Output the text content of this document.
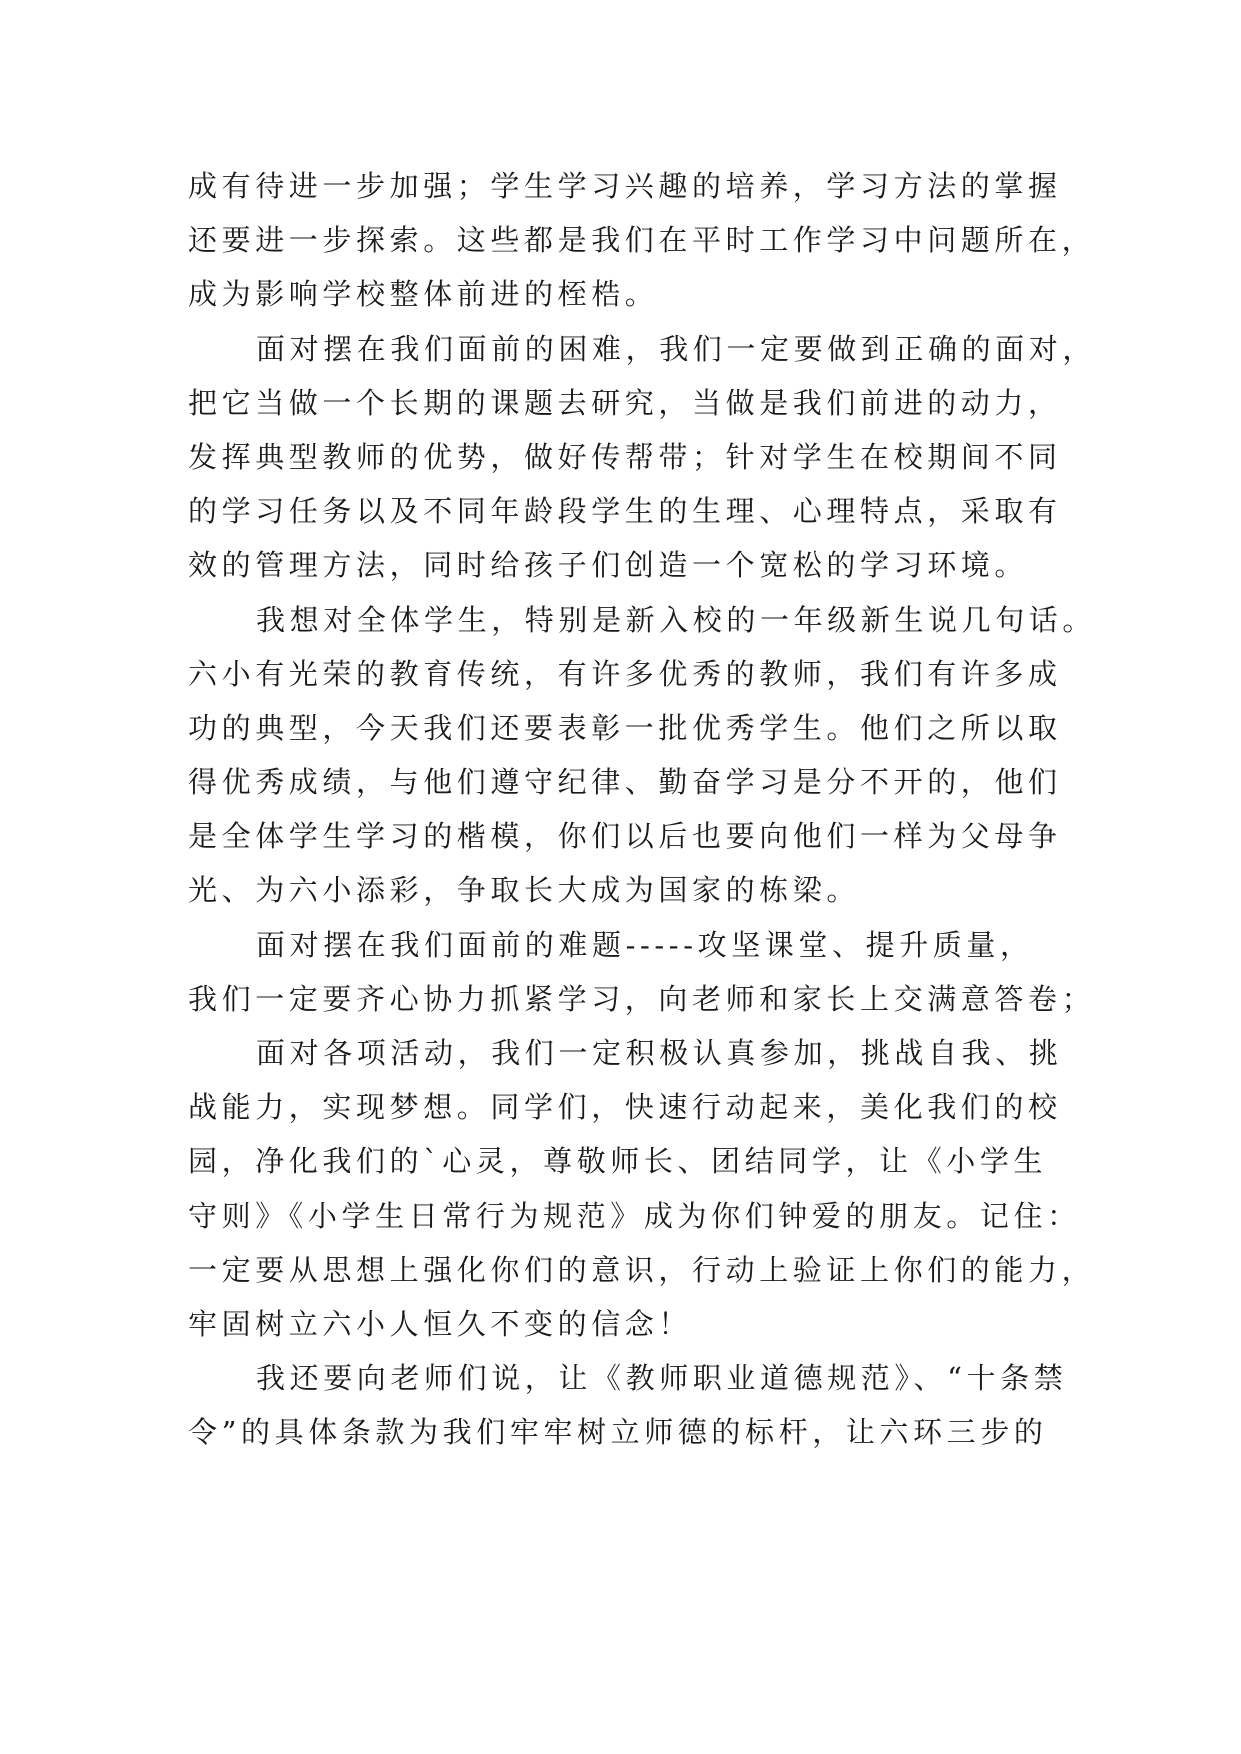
成有待进一步加强；学生学习兴趣的培养，学习方法的掌握
还要进一步探索。这些都是我们在平时工作学习中问题所在，
成为影响学校整体前进的桎梏。
面对摆在我们面前的困难，我们一定要做到正确的面对，
把它当做一个长期的课题去研究，当做是我们前进的动力，
发挥典型教师的优势，做好传帮带；针对学生在校期间不同
的学习任务以及不同年龄段学生的生理、心理特点，采取有
效的管理方法，同时给孩子们创造一个宽松的学习环境。
我想对全体学生，特别是新入校的一年级新生说几句话。
六小有光荣的教育传统，有许多优秀的教师，我们有许多成
功的典型，今天我们还要表彰一批优秀学生。他们之所以取
得优秀成绩，与他们遵守纪律、勤奋学习是分不开的，他们
是全体学生学习的楷模，你们以后也要向他们一样为父母争
光、为六小添彩，争取长大成为国家的栋梁。
面对摆在我们面前的难题-----攻坚课堂、提升质量，
我们一定要齐心协力抓紧学习，向老师和家长上交满意答卷；
面对各项活动，我们一定积极认真参加，挑战自我、挑
战能力，实现梦想。同学们，快速行动起来，美化我们的校
园，净化我们的`心灵，尊敬师长、团结同学，让《小学生
守则》《小学生日常行为规范》成为你们钟爱的朋友。记住：
一定要从思想上强化你们的意识，行动上验证上你们的能力，
牢固树立六小人恒久不变的信念！
我还要向老师们说，让《教师职业道德规范》、“十条禁
令”的具体条款为我们牢牢树立师德的标杆，让六环三步的
